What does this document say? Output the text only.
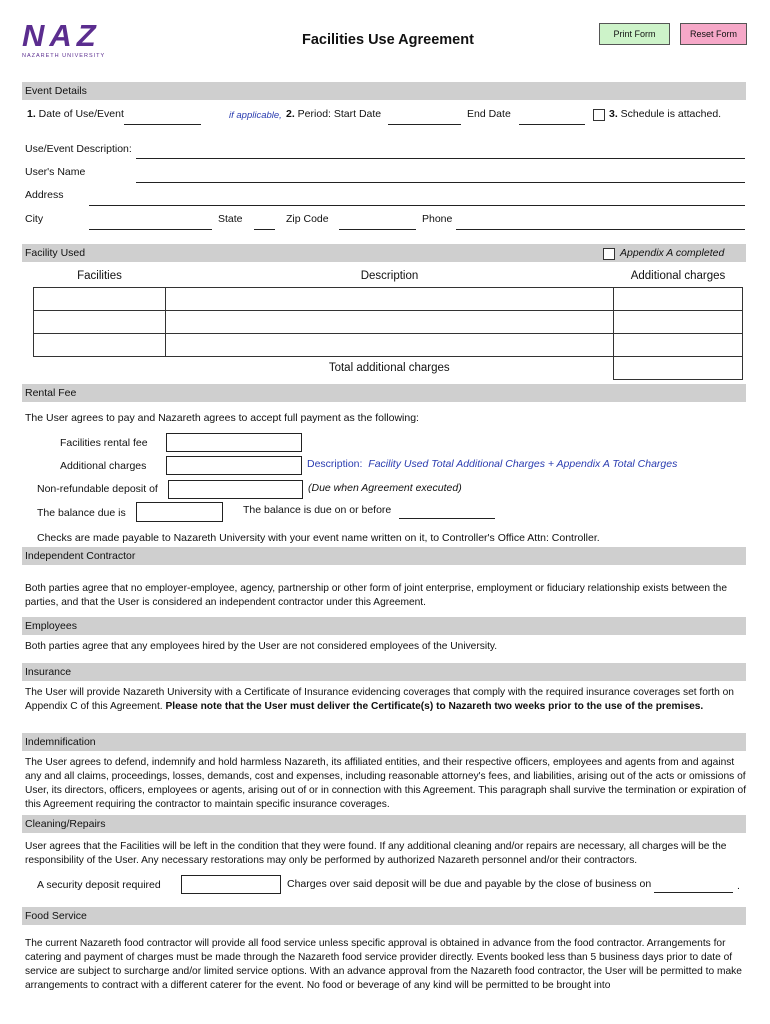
NAZ
NAZARETH UNIVERSITY
Facilities Use Agreement	Print Form	Reset Form
Event Details
1. Date of Use/Event	if applicable, 2. Period: Start Date	End Date	3. Schedule is attached.
Use/Event Description:
User's Name
Address
City	State	Zip Code	Phone
Facility Used	Appendix A completed
Facilities	Description	Additional charges

	Total additional charges	
Rental Fee
The User agrees to pay and Nazareth agrees to accept full payment as the following:
Facilities rental fee
Additional charges	Description: Facility Used Total Additional Charges + Appendix A Total Charges
Non-refundable deposit of	(Due when Agreement executed)
The balance due is	The balance is due on or before
Checks are made payable to Nazareth University with your event name written on it, to Controller's Office Attn: Controller.
Independent Contractor
Both parties agree that no employer-employee, agency, partnership or other form of joint enterprise, employment or fiduciary relationship exists between the parties, and that the User is considered an independent contractor under this Agreement.
Employees
Both parties agree that any employees hired by the User are not considered employees of the University.
Insurance
The User will provide Nazareth University with a Certificate of Insurance evidencing coverages that comply with the required insurance coverages set forth on Appendix C of this Agreement. Please note that the User must deliver the Certificate(s) to Nazareth two weeks prior to the use of the premises.
Indemnification
The User agrees to defend, indemnify and hold harmless Nazareth, its affiliated entities, and their respective officers, employees and agents from and against any and all claims, proceedings, losses, demands, cost and expenses, including reasonable attorney's fees, and liabilities, arising out of the acts or omissions of User, its directors, officers, employees or agents, arising out of or in connection with this Agreement. This paragraph shall survive the termination or expiration of this Agreement requiring the contractor to maintain specific insurance coverages.
Cleaning/Repairs
User agrees that the Facilities will be left in the condition that they were found. If any additional cleaning and/or repairs are necessary, all charges will be the responsibility of the User. Any necessary restorations may only be performed by authorized Nazareth personnel and/or their contractors.
A security deposit required	Charges over said deposit will be due and payable by the close of business on	.
Food Service
The current Nazareth food contractor will provide all food service unless specific approval is obtained in advance from the food contractor. Arrangements for catering and payment of charges must be made through the Nazareth food service provider directly. Events booked less than 5 business days prior to date of service are subject to surcharge and/or limited service options. With an advance approval from the Nazareth food contractor, the User will be permitted to make arrangements to contract with a different caterer for the event. No food or beverage of any kind will be permitted to be brought into
